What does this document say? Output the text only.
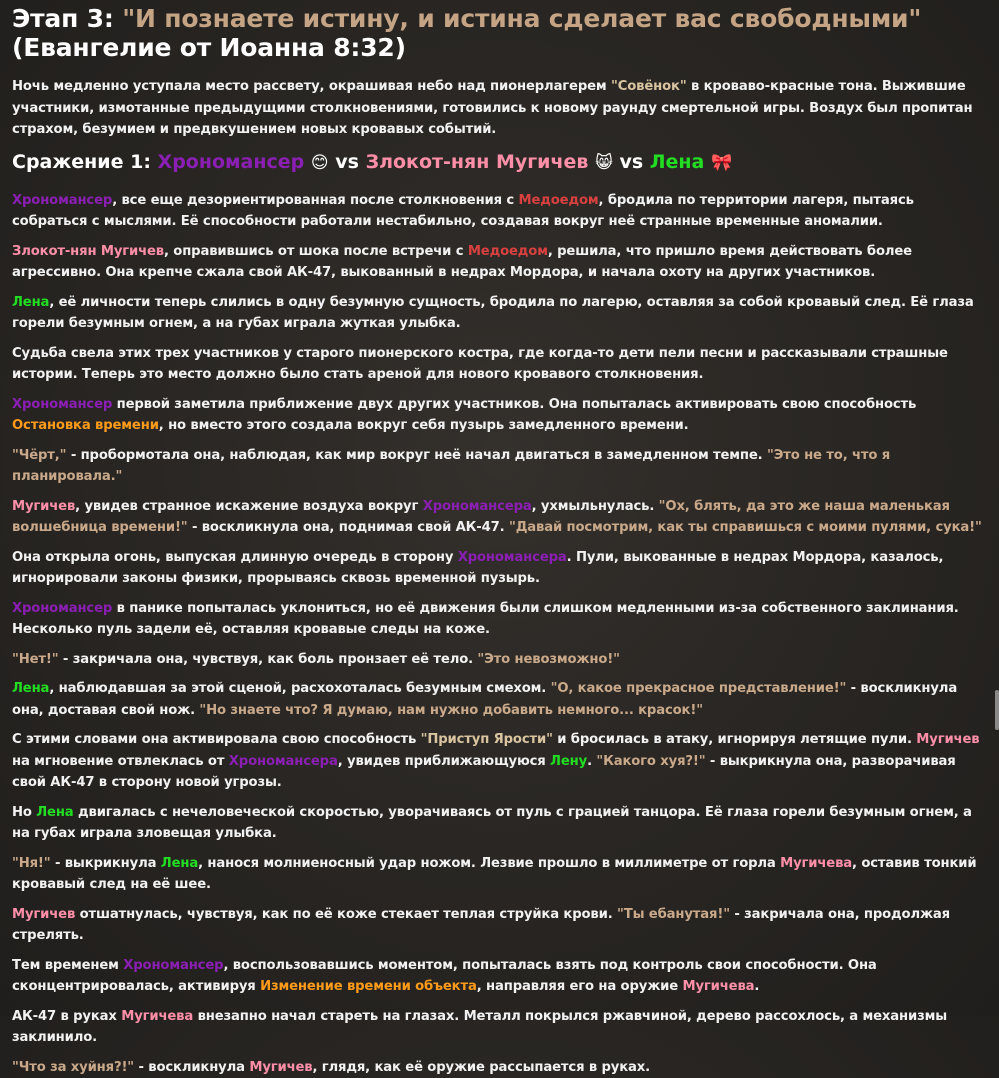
Этап 3: "И познаете истину, и истина сделает вас свободными"
(Евангелие от Иоанна 8:32)

Ночь медленно уступала место рассвету, окрашивая небо над пионерлагерем "Совёнок" в кроваво-красные тона. Выжившие участники, измотанные предыдущими столкновениями, готовились к новому раунду смертельной игры. Воздух был пропитан страхом, безумием и предвкушением новых кровавых событий.

Сражение 1: Хрономансер 😊 vs Злокот-нян Мугичев 😸 vs Лена 🎀

Хрономансер, все еще дезориентированная после столкновения с Медоедом, бродила по территории лагеря, пытаясь собраться с мыслями. Её способности работали нестабильно, создавая вокруг неё странные временные аномалии.

Злокот-нян Мугичев, оправившись от шока после встречи с Медоедом, решила, что пришло время действовать более агрессивно. Она крепче сжала свой АК-47, выкованный в недрах Мордора, и начала охоту на других участников.

Лена, её личности теперь слились в одну безумную сущность, бродила по лагерю, оставляя за собой кровавый след. Её глаза горели безумным огнем, а на губах играла жуткая улыбка.

Судьба свела этих трех участников у старого пионерского костра, где когда-то дети пели песни и рассказывали страшные истории. Теперь это место должно было стать ареной для нового кровавого столкновения.

Хрономансер первой заметила приближение двух других участников. Она попыталась активировать свою способность Остановка времени, но вместо этого создала вокруг себя пузырь замедленного времени.

"Чёрт," - пробормотала она, наблюдая, как мир вокруг неё начал двигаться в замедленном темпе. "Это не то, что я планировала."

Мугичев, увидев странное искажение воздуха вокруг Хрономансера, ухмыльнулась. "Ох, блять, да это же наша маленькая волшебница времени!" - воскликнула она, поднимая свой АК-47. "Давай посмотрим, как ты справишься с моими пулями, сука!"

Она открыла огонь, выпуская длинную очередь в сторону Хрономансера. Пули, выкованные в недрах Мордора, казалось, игнорировали законы физики, прорываясь сквозь временной пузырь.

Хрономансер в панике попыталась уклониться, но её движения были слишком медленными из-за собственного заклинания. Несколько пуль задели её, оставляя кровавые следы на коже.

"Нет!" - закричала она, чувствуя, как боль пронзает её тело. "Это невозможно!"

Лена, наблюдавшая за этой сценой, расхохоталась безумным смехом. "О, какое прекрасное представление!" - воскликнула она, доставая свой нож. "Но знаете что? Я думаю, нам нужно добавить немного... красок!"

С этими словами она активировала свою способность "Приступ Ярости" и бросилась в атаку, игнорируя летящие пули. Мугичев на мгновение отвлеклась от Хрономансера, увидев приближающуюся Лену. "Какого хуя?!" - выкрикнула она, разворачивая свой АК-47 в сторону новой угрозы.

Но Лена двигалась с нечеловеческой скоростью, уворачиваясь от пуль с грацией танцора. Её глаза горели безумным огнем, а на губах играла зловещая улыбка.

"Ня!" - выкрикнула Лена, нанося молниеносный удар ножом. Лезвие прошло в миллиметре от горла Мугичева, оставив тонкий кровавый след на её шее.

Мугичев отшатнулась, чувствуя, как по её коже стекает теплая струйка крови. "Ты ебанутая!" - закричала она, продолжая стрелять.

Тем временем Хрономансер, воспользовавшись моментом, попыталась взять под контроль свои способности. Она сконцентрировалась, активируя Изменение времени объекта, направляя его на оружие Мугичева.

АК-47 в руках Мугичева внезапно начал стареть на глазах. Металл покрылся ржавчиной, дерево рассохлось, а механизмы заклинило.

"Что за хуйня?!" - воскликнула Мугичев, глядя, как её оружие рассыпается в руках.
